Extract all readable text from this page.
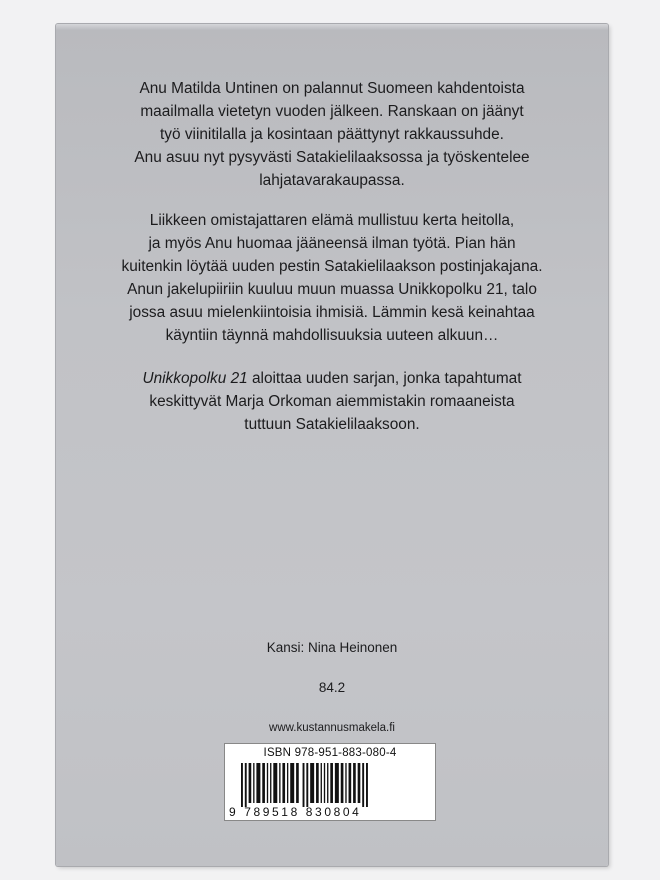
Anu Matilda Untinen on palannut Suomeen kahdentoista
maailmalla vietetyn vuoden jälkeen. Ranskaan on jäänyt
työ viinitilalla ja kosintaan päättynyt rakkaussuhde.
Anu asuu nyt pysyvästi Satakielilaaksossa ja työskentelee
lahjatavarakaupassa.

Liikkeen omistajattaren elämä mullistuu kerta heitolla,
ja myös Anu huomaa jääneensä ilman työtä. Pian hän
kuitenkin löytää uuden pestin Satakielilaakson postinjakajana.
Anun jakelupiiriin kuuluu muun muassa Unikkopolku 21, talo
jossa asuu mielenkiintoisia ihmisiä. Lämmin kesä keinahtaa
käyntiin täynnä mahdollisuuksia uuteen alkuun…

Unikkopolku 21 aloittaa uuden sarjan, jonka tapahtumat
keskittyvät Marja Orkoman aiemmistakin romaaneista
tuttuun Satakielilaaksoon.

Kansi: Nina Heinonen

84.2

www.kustannusmakela.fi

ISBN 978-951-883-080-4
9 789518 830804
